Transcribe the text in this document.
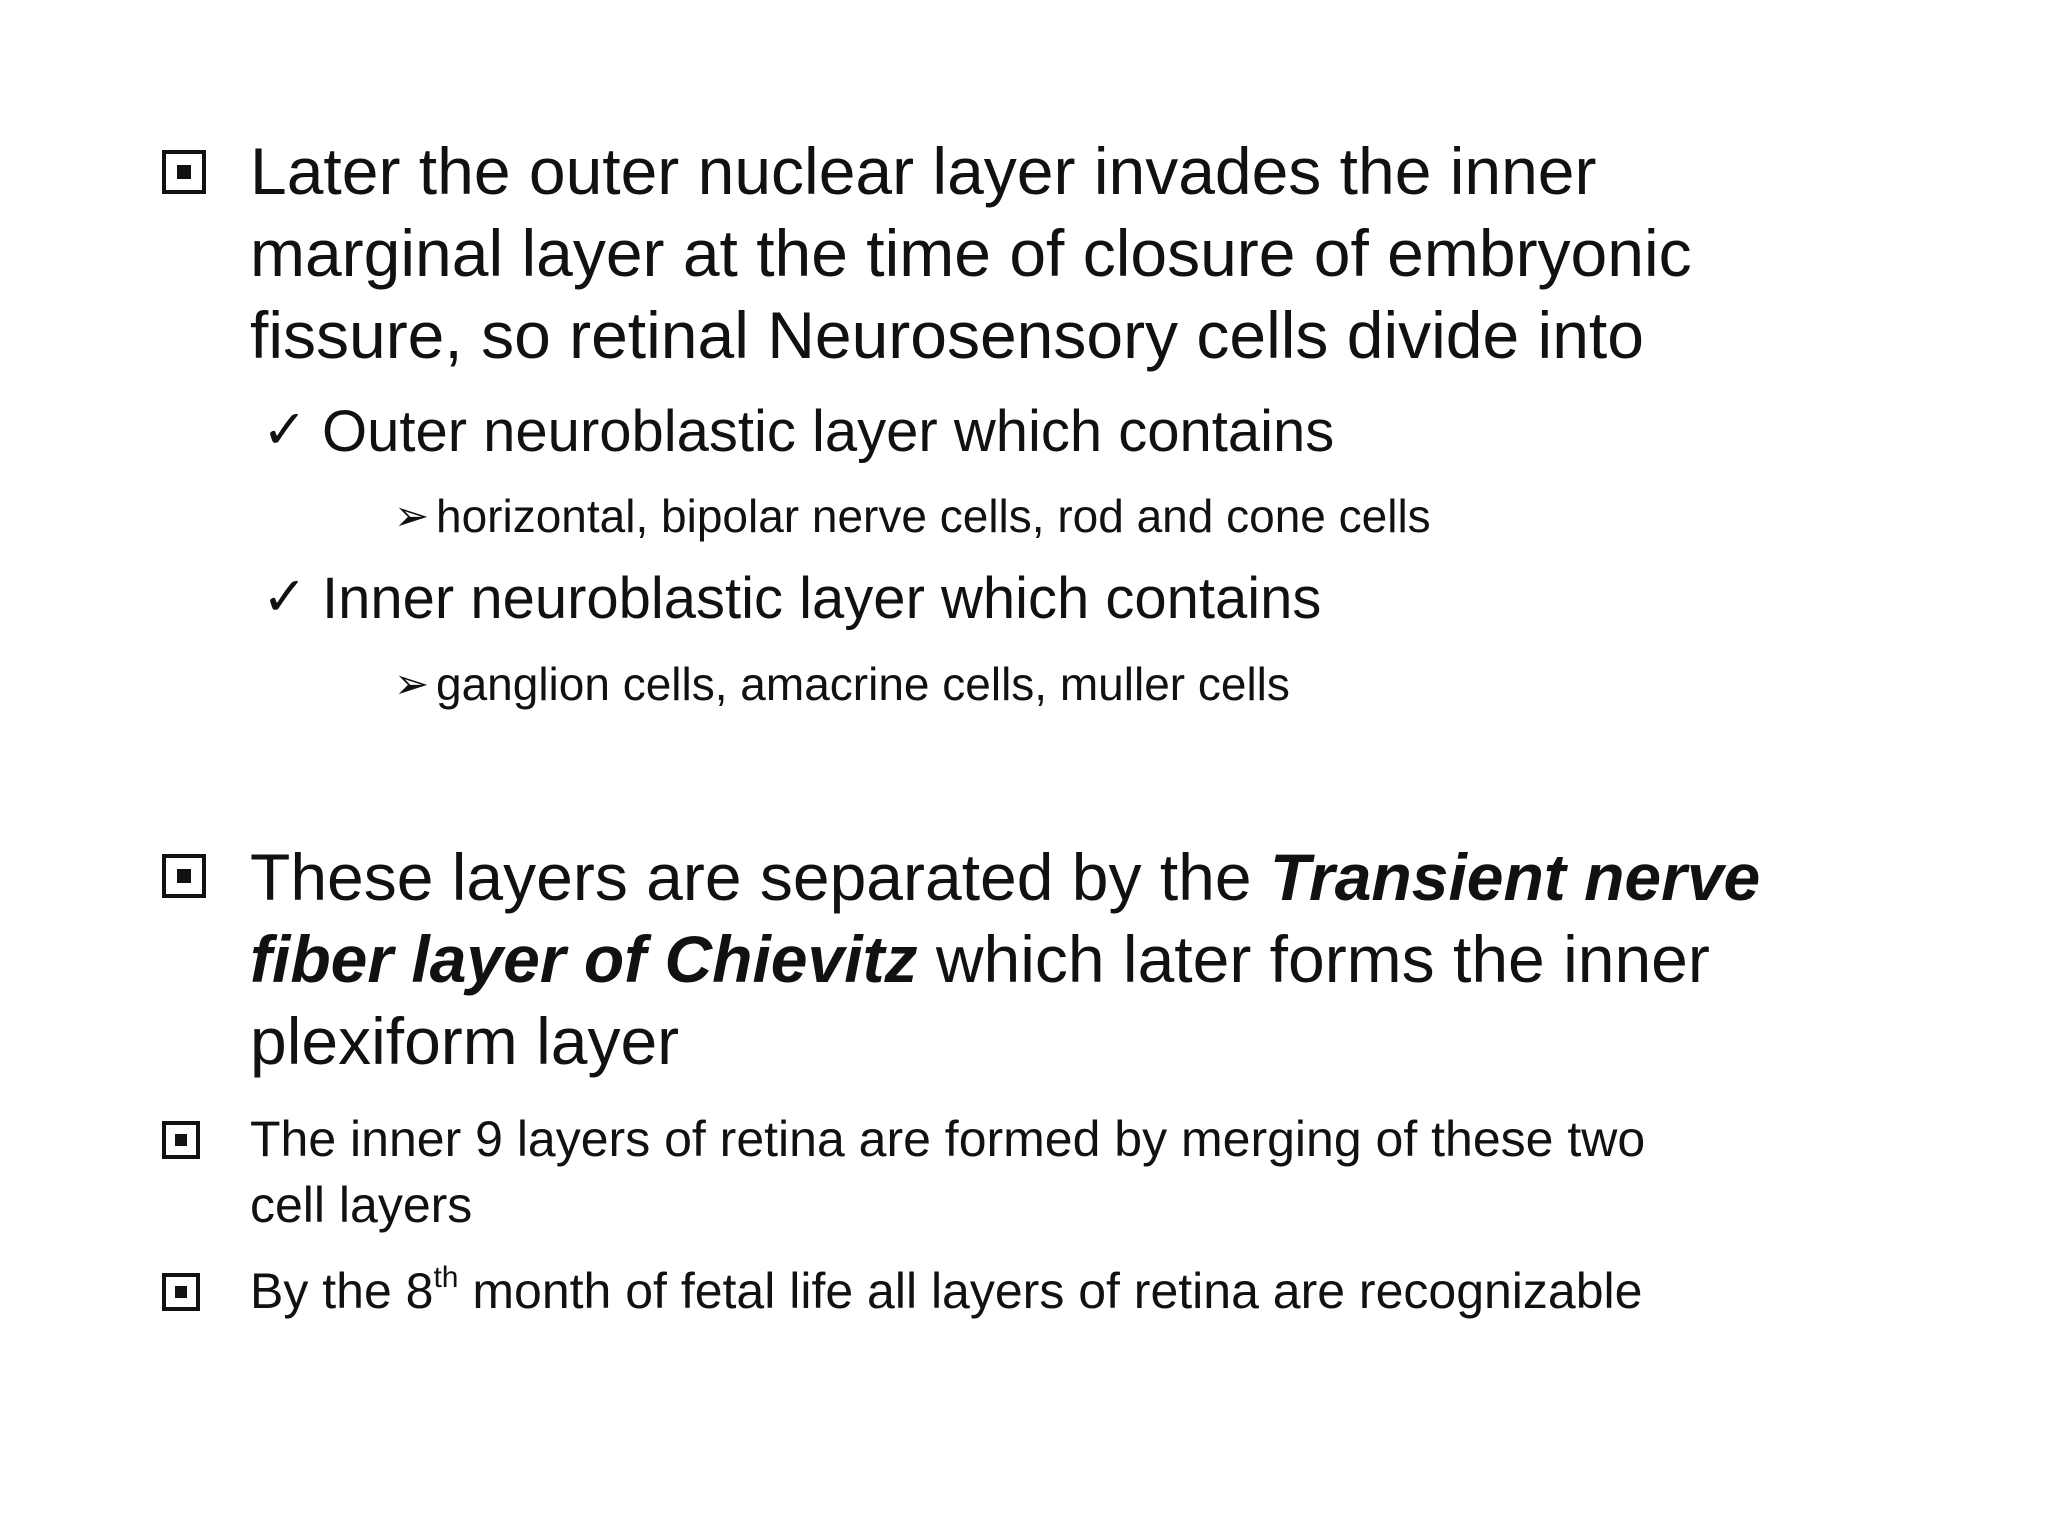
Later the outer nuclear layer invades the inner

marginal layer at the time of closure of embryonic

fissure, so retinal Neurosensory cells divide into

✓ Outer neuroblastic layer which contains

➢ horizontal, bipolar nerve cells, rod and cone cells

✓ Inner neuroblastic layer which contains

➢ ganglion cells, amacrine cells, muller cells

These layers are separated by the Transient nerve

fiber layer of Chievitz which later forms the inner

plexiform layer

The inner 9 layers of retina are formed by merging of these two

cell layers

By the 8th month of fetal life all layers of retina are recognizable
